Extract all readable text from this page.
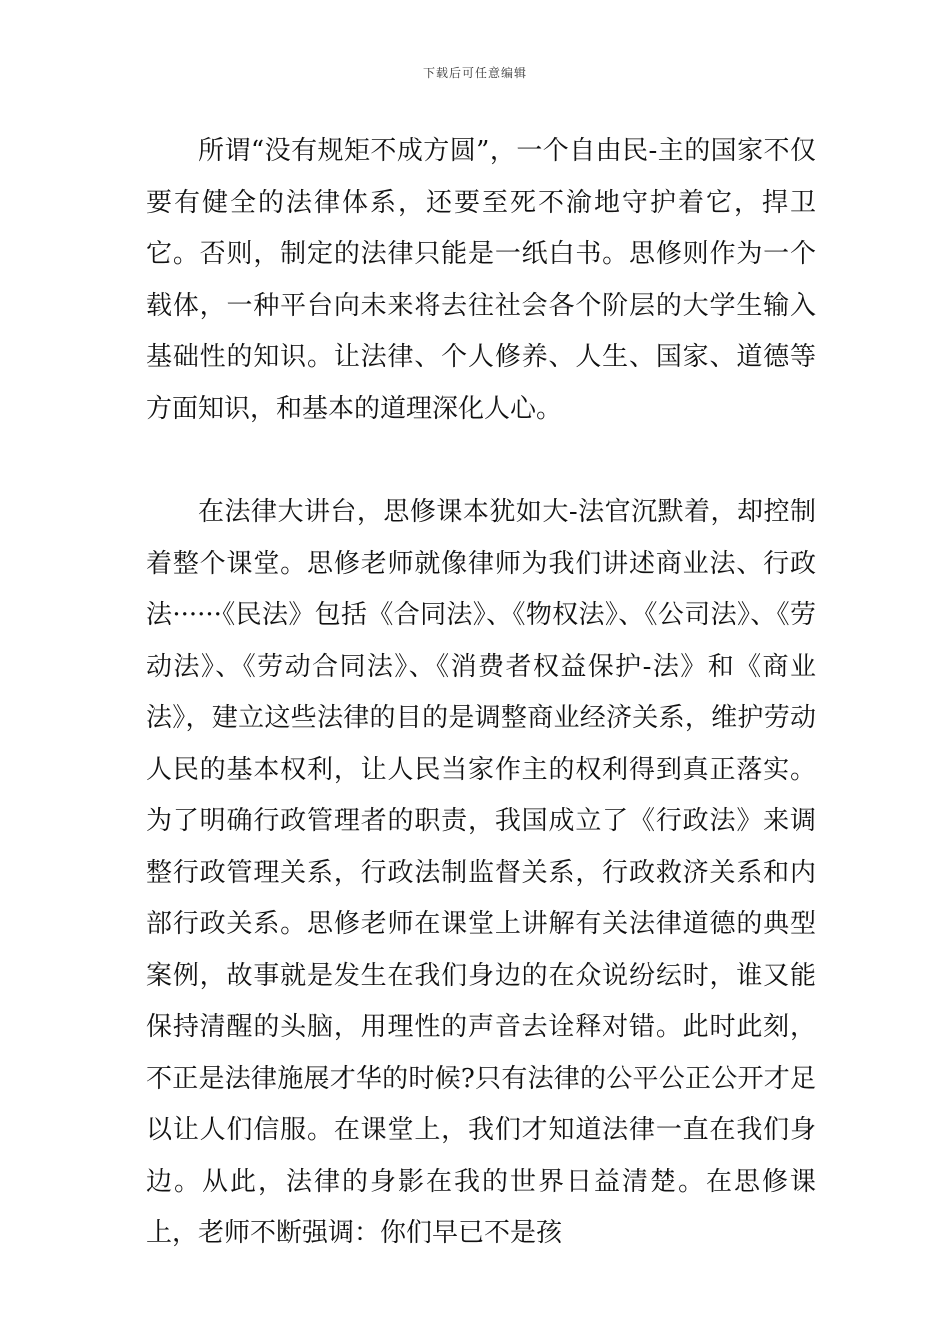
下载后可任意编辑

所谓“没有规矩不成方圆”，一个自由民-主的国家不仅要有健全的法律体系，还要至死不渝地守护着它，捍卫它。否则，制定的法律只能是一纸白书。思修则作为一个载体，一种平台向未来将去往社会各个阶层的大学生输入基础性的知识。让法律、个人修养、人生、国家、道德等方面知识，和基本的道理深化人心。

在法律大讲台，思修课本犹如大-法官沉默着，却控制着整个课堂。思修老师就像律师为我们讲述商业法、行政法······《民法》包括《合同法》、《物权法》、《公司法》、《劳动法》、《劳动合同法》、《消费者权益保护-法》和《商业法》，建立这些法律的目的是调整商业经济关系，维护劳动人民的基本权利，让人民当家作主的权利得到真正落实。为了明确行政管理者的职责，我国成立了《行政法》来调整行政管理关系，行政法制监督关系，行政救济关系和内部行政关系。思修老师在课堂上讲解有关法律道德的典型案例，故事就是发生在我们身边的在众说纷纭时，谁又能保持清醒的头脑，用理性的声音去诠释对错。此时此刻，不正是法律施展才华的时候?只有法律的公平公正公开才足以让人们信服。在课堂上，我们才知道法律一直在我们身边。从此，法律的身影在我的世界日益清楚。在思修课上，老师不断强调：你们早已不是孩
